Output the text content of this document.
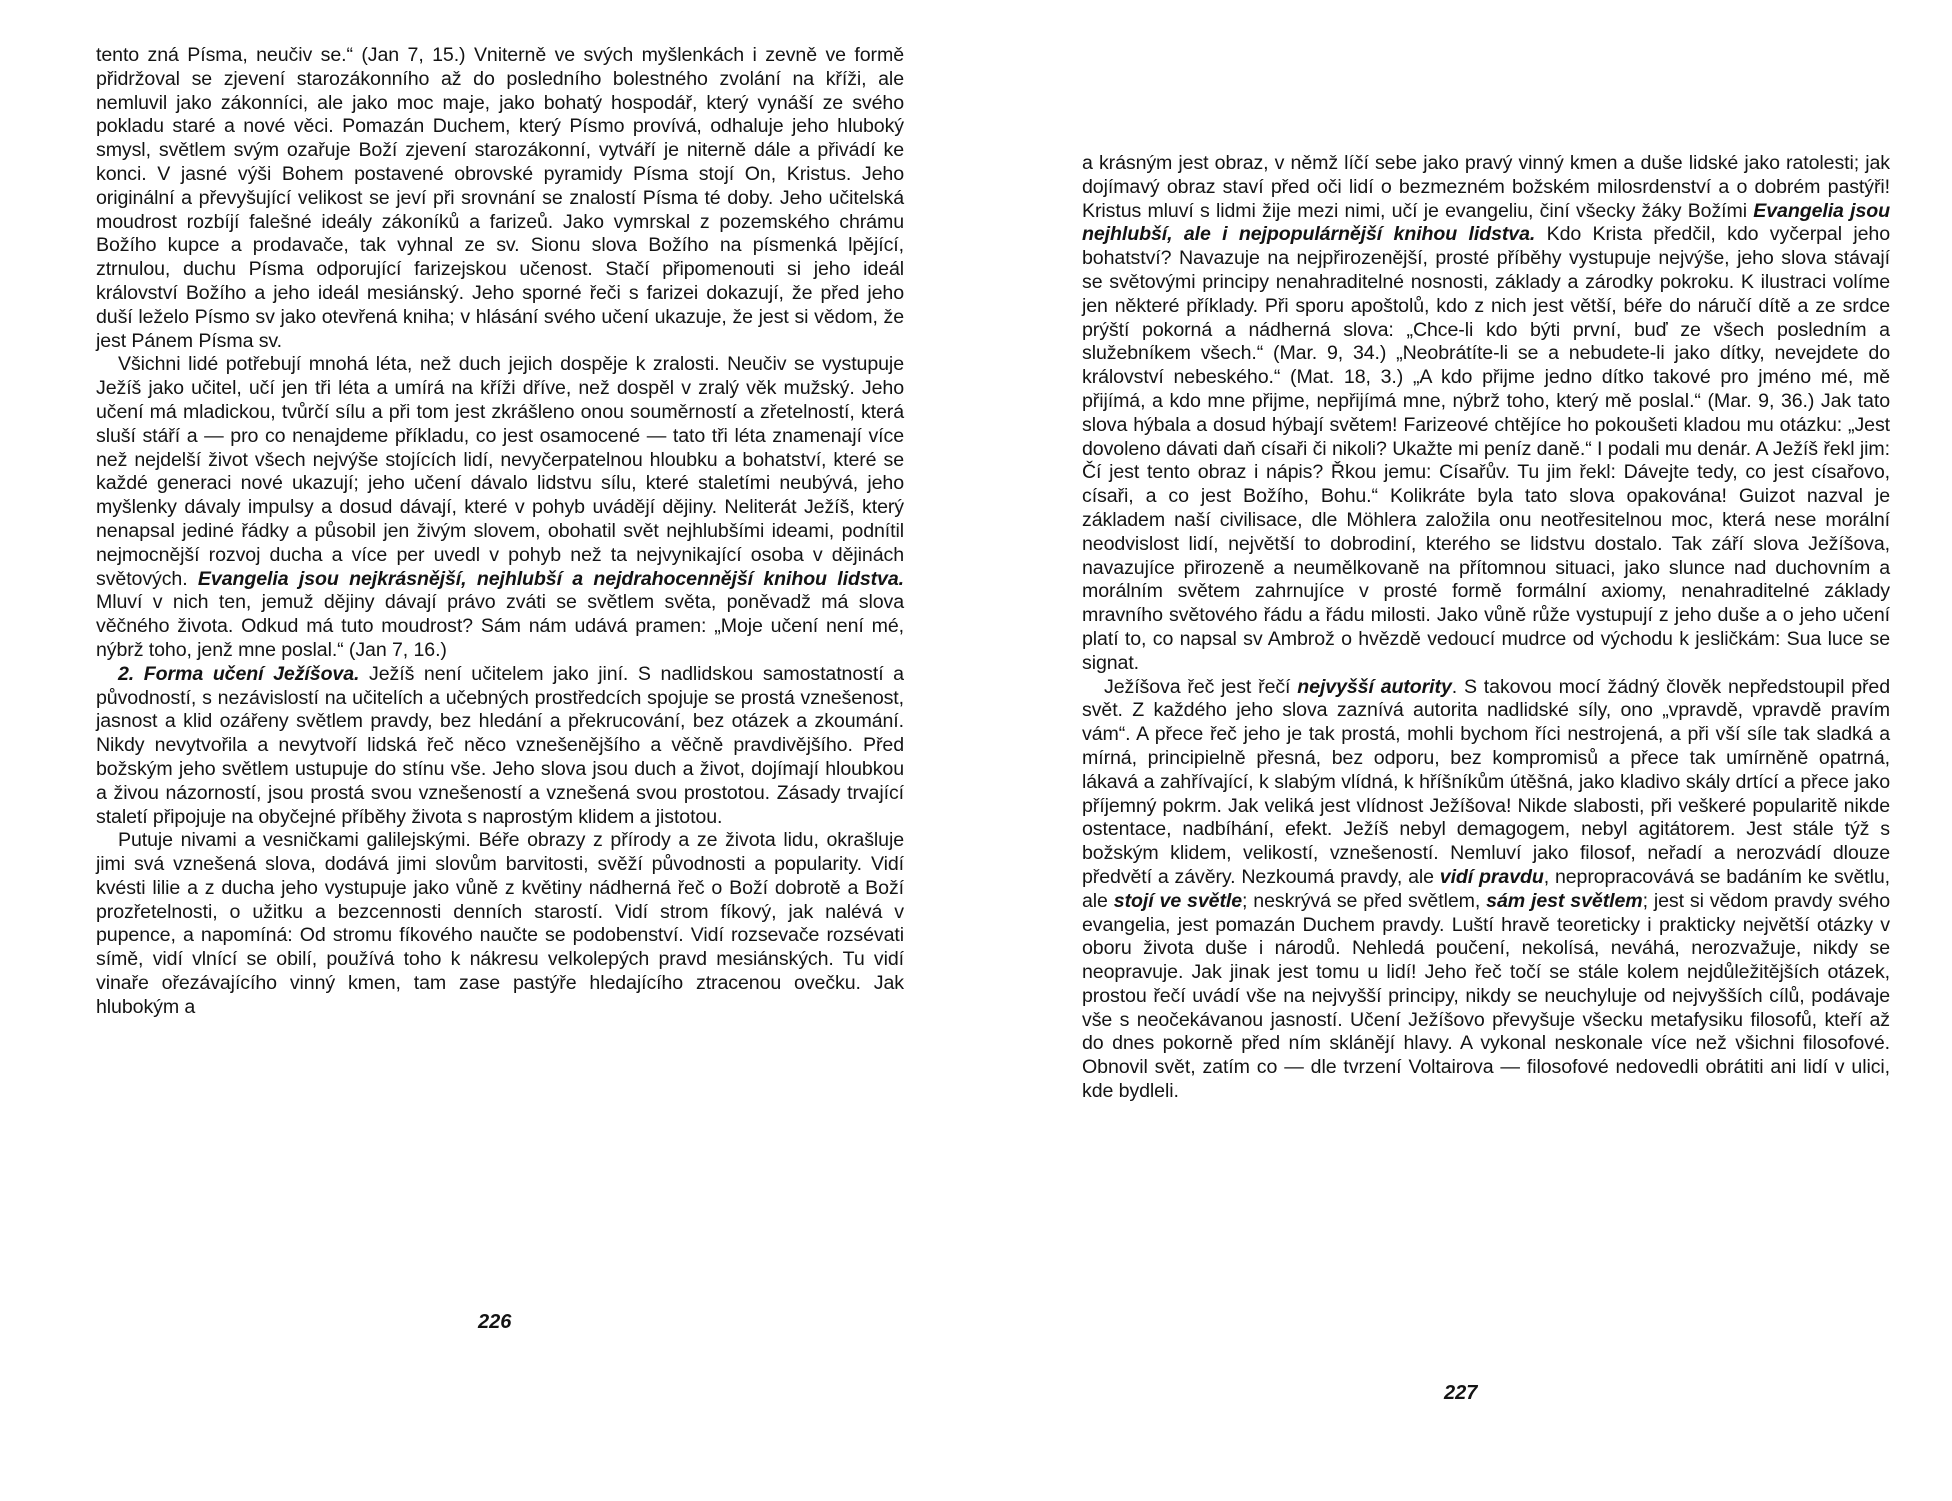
tento zná Písma, neučiv se.“ (Jan 7, 15.) Vniterně ve svých myšlenkách i zevně ve formě přidržoval se zjevení starozákonního až do posledního bolestného zvolání na kříži, ale nemluvil jako zákonníci, ale jako moc maje, jako bohatý hospodář, který vynáší ze svého pokladu staré a nové věci. Pomazán Duchem, který Písmo provívá, odhaluje jeho hluboký smysl, světlem svým ozařuje Boží zjevení starozákonní, vytváří je niterně dále a přivádí ke konci. V jasné výši Bohem postavené obrovské pyramidy Písma stojí On, Kristus. Jeho originální a převyšující velikost se jeví při srovnání se znalostí Písma té doby. Jeho učitelská moudrost rozbíjí falešné ideály zákoníků a farizeů. Jako vymrskal z pozemského chrámu Božího kupce a prodavače, tak vyhnal ze sv. Sionu slova Božího na písmenká lpějící, ztrnulou, duchu Písma odporující farizejskou učenost. Stačí připomenouti si jeho ideál království Božího a jeho ideál mesiánský. Jeho sporné řeči s farizei dokazují, že před jeho duší leželo Písmo sv jako otevřená kniha; v hlásání svého učení ukazuje, že jest si vědom, že jest Pánem Písma sv.

Všichni lidé potřebují mnohá léta, než duch jejich dospěje k zralosti. Neučiv se vystupuje Ježíš jako učitel, učí jen tři léta a umírá na kříži dříve, než dospěl v zralý věk mužský. Jeho učení má mladickou, tvůrčí sílu a při tom jest zkrášleno onou souměrností a zřetelností, která sluší stáří a — pro co nenajdeme příkladu, co jest osamocené — tato tři léta znamenají více než nejdelší život všech nejvýše stojících lidí, nevyčerpatelnou hloubku a bohatství, které se každé generaci nové ukazují; jeho učení dávalo lidstvu sílu, které staletími neubývá, jeho myšlenky dávaly impulsy a dosud dávají, které v pohyb uvádějí dějiny. Neliterát Ježíš, který nenapsal jediné řádky a působil jen živým slovem, obohatil svět nejhlubšími ideami, podnítil nejmocnější rozvoj ducha a více per uvedl v pohyb než ta nejvynikající osoba v dějinách světových. Evangelia jsou nejkrásnější, nejhlubší a nejdrahocennější knihou lidstva. Mluví v nich ten, jemuž dějiny dávají právo zváti se světlem světa, poněvadž má slova věčného života. Odkud má tuto moudrost? Sám nám udává pramen: „Moje učení není mé, nýbrž toho, jenž mne poslal.“ (Jan 7, 16.)

2. Forma učení Ježíšova. Ježíš není učitelem jako jiní. S nadlidskou samostatností a původností, s nezávislostí na učitelích a učebných prostředcích spojuje se prostá vznešenost, jasnost a klid ozářeny světlem pravdy, bez hledání a překrucování, bez otázek a zkoumání. Nikdy nevytvořila a nevytvoří lidská řeč něco vznešenějšího a věčně pravdivějšího. Před božským jeho světlem ustupuje do stínu vše. Jeho slova jsou duch a život, dojímají hloubkou a živou názorností, jsou prostá svou vznešeností a vznešená svou prostotou. Zásady trvající staletí připojuje na obyčejné příběhy života s naprostým klidem a jistotou.

Putuje nivami a vesničkami galilejskými. Béře obrazy z přírody a ze života lidu, okrašluje jimi svá vznešená slova, dodává jimi slovům barvitosti, svěží původnosti a popularity. Vidí kvésti lilie a z ducha jeho vystupuje jako vůně z květiny nádherná řeč o Boží dobrotě a Boží prozřetelnosti, o užitku a bezcennosti denních starostí. Vidí strom fíkový, jak nalévá v pupence, a napomíná: Od stromu fíkového naučte se podobenství. Vidí rozsevače rozsévati símě, vidí vlnící se obilí, používá toho k nákresu velkolepých pravd mesiánských. Tu vidí vinaře ořezávajícího vinný kmen, tam zase pastýře hledajícího ztracenou ovečku. Jak hlubokým a

226

a krásným jest obraz, v němž líčí sebe jako pravý vinný kmen a duše lidské jako ratolesti; jak dojímavý obraz staví před oči lidí o bezmezném božském milosrdenství a o dobrém pastýři! Kristus mluví s lidmi žije mezi nimi, učí je evangeliu, činí všecky žáky Božími Evangelia jsou nejhlubší, ale i nejpopulárnější knihou lidstva. Kdo Krista předčil, kdo vyčerpal jeho bohatství? Navazuje na nejpřirozenější, prosté příběhy vystupuje nejvýše, jeho slova stávají se světovými principy nenahraditelné nosnosti, základy a zárodky pokroku. K ilustraci volíme jen některé příklady. Při sporu apoštolů, kdo z nich jest větší, béře do náručí dítě a ze srdce prýští pokorná a nádherná slova: „Chce-li kdo býti první, buď ze všech posledním a služebníkem všech.“ (Mar. 9, 34.) „Neobrátíte-li se a nebudete-li jako dítky, nevejdete do království nebeského.“ (Mat. 18, 3.) „A kdo přijme jedno dítko takové pro jméno mé, mě přijímá, a kdo mne přijme, nepřijímá mne, nýbrž toho, který mě poslal.“ (Mar. 9, 36.) Jak tato slova hýbala a dosud hýbají světem! Farizeové chtějíce ho pokoušeti kladou mu otázku: „Jest dovoleno dávati daň císaři či nikoli? Ukažte mi peníz daně.“ I podali mu denár. A Ježíš řekl jim: Čí jest tento obraz i nápis? Řkou jemu: Císařův. Tu jim řekl: Dávejte tedy, co jest císařovo, císaři, a co jest Božího, Bohu.“ Kolikráte byla tato slova opakována! Guizot nazval je základem naší civilisace, dle Möhlera založila onu neotřesitelnou moc, která nese morální neodvislost lidí, největší to dobrodiní, kterého se lidstvu dostalo. Tak září slova Ježíšova, navazujíce přirozeně a neumělkovaně na přítomnou situaci, jako slunce nad duchovním a morálním světem zahrnujíce v prosté formě formální axiomy, nenahraditelné základy mravního světového řádu a řádu milosti. Jako vůně růže vystupují z jeho duše a o jeho učení platí to, co napsal sv Ambrož o hvězdě vedoucí mudrce od východu k jesličkám: Sua luce se signat.

Ježíšova řeč jest řečí nejvyšší autority. S takovou mocí žádný člověk nepředstoupil před svět. Z každého jeho slova zaznívá autorita nadlidské síly, ono „vpravdě, vpravdě pravím vám“. A přece řeč jeho je tak prostá, mohli bychom říci nestrojená, a při vší síle tak sladká a mírná, principielně přesná, bez odporu, bez kompromisů a přece tak umírněně opatrná, lákavá a zahřívající, k slabým vlídná, k hříšníkům útěšná, jako kladivo skály drtící a přece jako příjemný pokrm. Jak veliká jest vlídnost Ježíšova! Nikde slabosti, při veškeré popularitě nikde ostentace, nadbíhání, efekt. Ježíš nebyl demagogem, nebyl agitátorem. Jest stále týž s božským klidem, velikostí, vznešeností. Nemluví jako filosof, neřadí a nerozvádí dlouze předvětí a závěry. Nezkoumá pravdy, ale vidí pravdu, nepropracovává se badáním ke světlu, ale stojí ve světle; neskrývá se před světlem, sám jest světlem; jest si vědom pravdy svého evangelia, jest pomazán Duchem pravdy. Luští hravě teoreticky i prakticky největší otázky v oboru života duše i národů. Nehledá poučení, nekolísá, neváhá, nerozvažuje, nikdy se neopravuje. Jak jinak jest tomu u lidí! Jeho řeč točí se stále kolem nejdůležitějších otázek, prostou řečí uvádí vše na nejvyšší principy, nikdy se neuchyluje od nejvyšších cílů, podávaje vše s neočekávanou jasností. Učení Ježíšovo převyšuje všecku metafysiku filosofů, kteří až do dnes pokorně před ním sklánějí hlavy. A vykonal neskonale více než všichni filosofové. Obnovil svět, zatím co — dle tvrzení Voltairova — filosofové nedovedli obrátiti ani lidí v ulici, kde bydleli.

227
